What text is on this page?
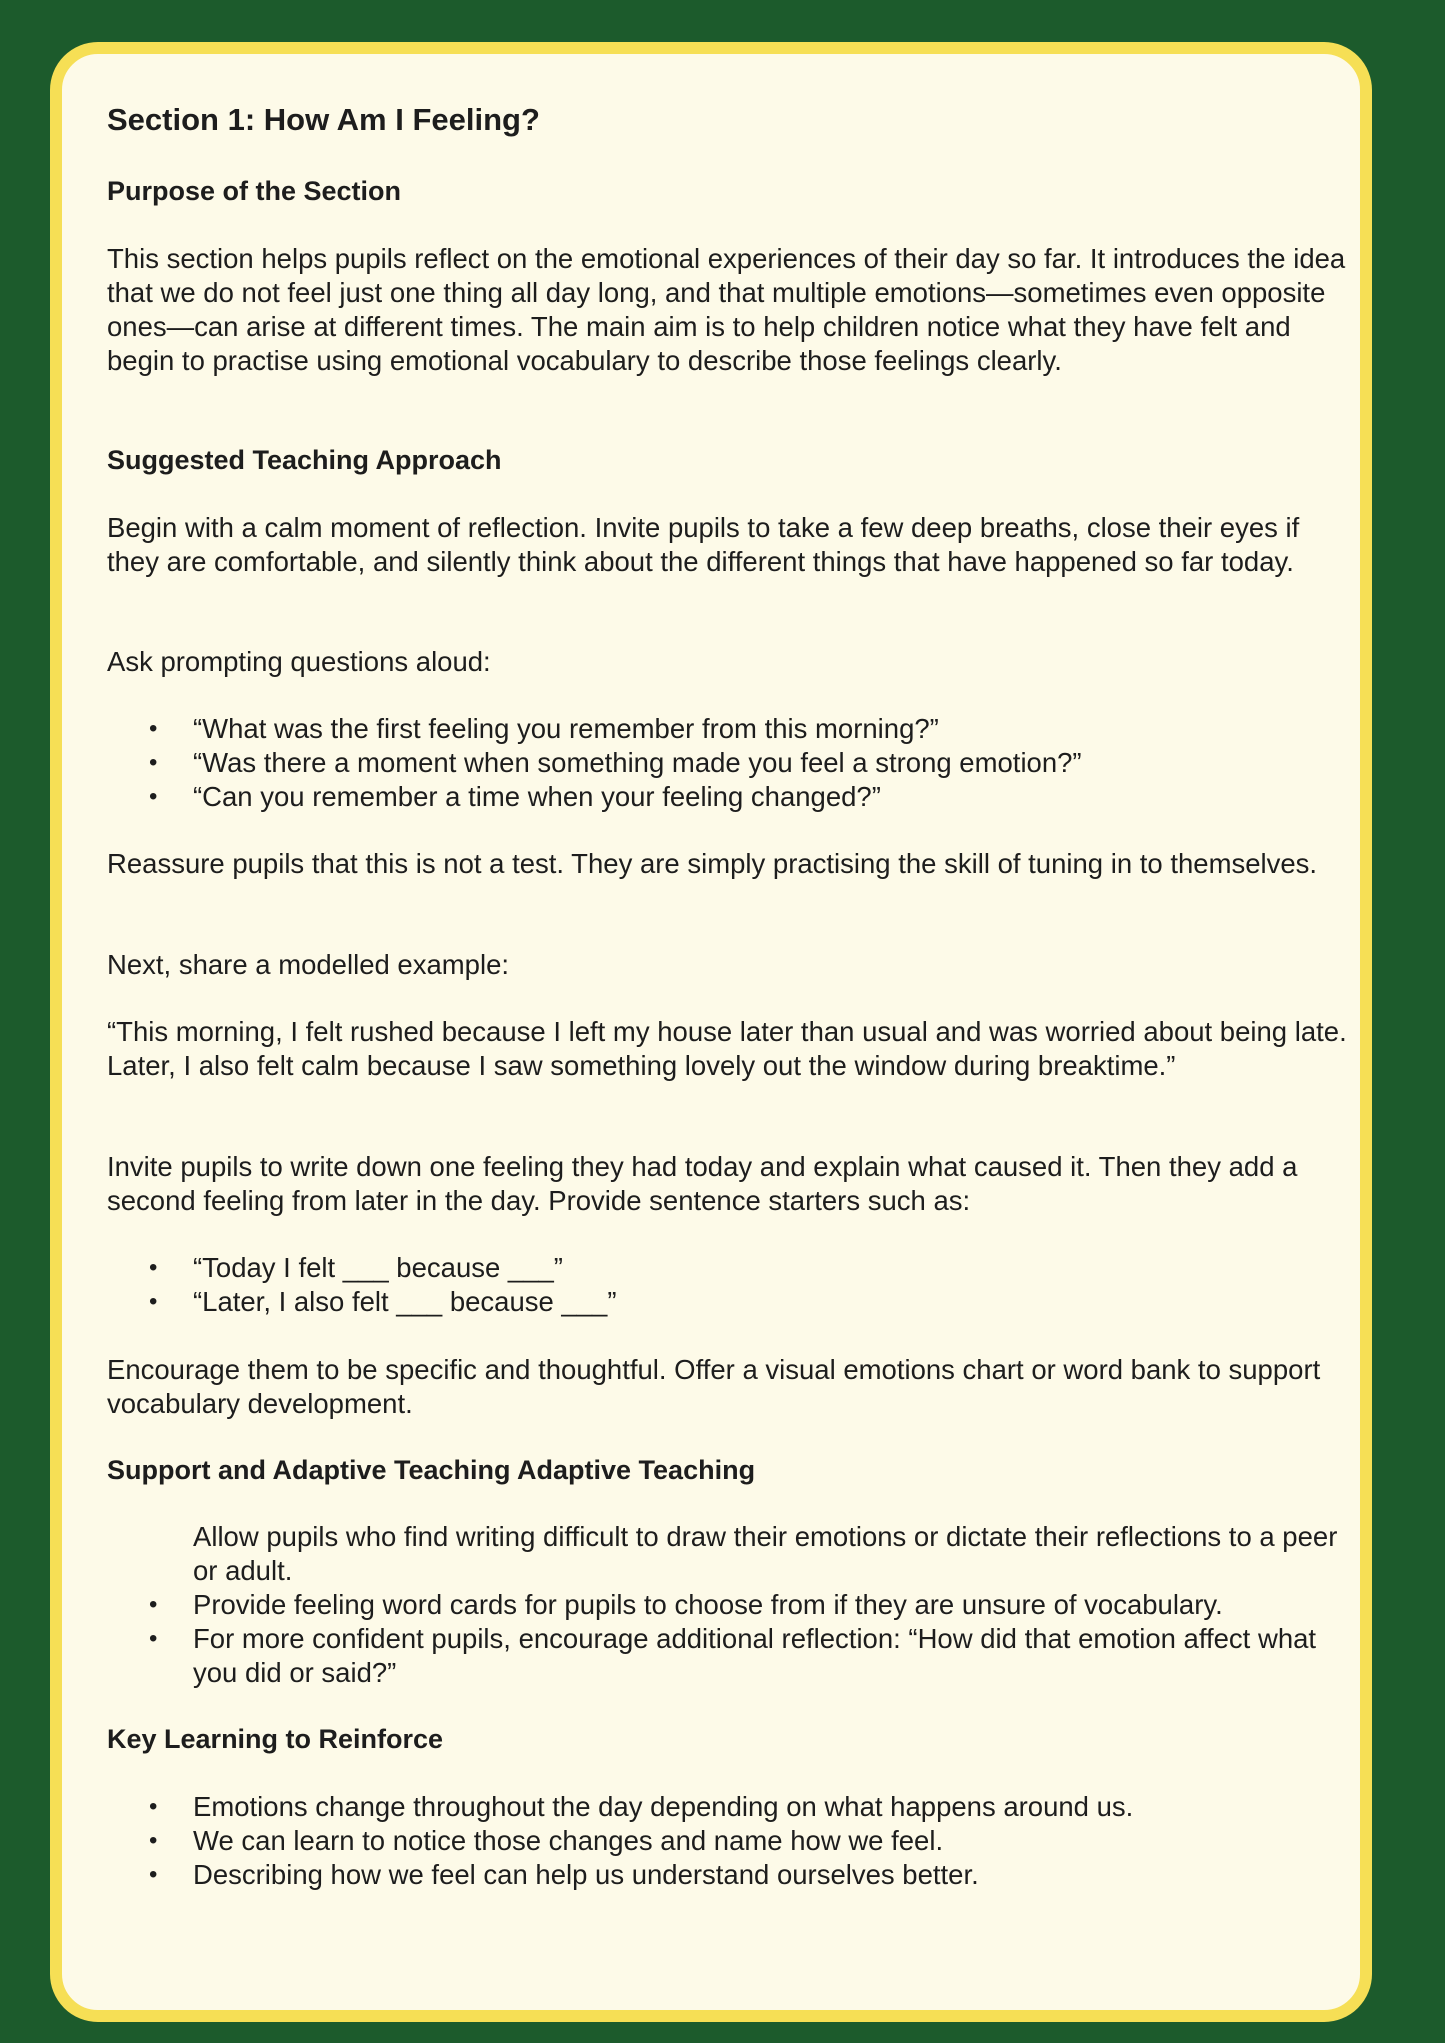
Section 1: How Am I Feeling?
Purpose of the Section

This section helps pupils reflect on the emotional experiences of their day so far. It introduces the idea that we do not feel just one thing all day long, and that multiple emotions—sometimes even opposite ones—can arise at different times. The main aim is to help children notice what they have felt and begin to practise using emotional vocabulary to describe those feelings clearly.

Suggested Teaching Approach

Begin with a calm moment of reflection. Invite pupils to take a few deep breaths, close their eyes if they are comfortable, and silently think about the different things that have happened so far today.

Ask prompting questions aloud:

• “What was the first feeling you remember from this morning?”
• “Was there a moment when something made you feel a strong emotion?”
• “Can you remember a time when your feeling changed?”

Reassure pupils that this is not a test. They are simply practising the skill of tuning in to themselves.

Next, share a modelled example:

“This morning, I felt rushed because I left my house later than usual and was worried about being late. Later, I also felt calm because I saw something lovely out the window during breaktime.”

Invite pupils to write down one feeling they had today and explain what caused it. Then they add a second feeling from later in the day. Provide sentence starters such as:

• “Today I felt ___ because ___”
• “Later, I also felt ___ because ___”

Encourage them to be specific and thoughtful. Offer a visual emotions chart or word bank to support vocabulary development.

Support and Adaptive Teaching Adaptive Teaching
Allow pupils who find writing difficult to draw their emotions or dictate their reflections to a peer or adult.
• Provide feeling word cards for pupils to choose from if they are unsure of vocabulary.
• For more confident pupils, encourage additional reflection: “How did that emotion affect what you did or said?”
Key Learning to Reinforce
• Emotions change throughout the day depending on what happens around us.
• We can learn to notice those changes and name how we feel.
• Describing how we feel can help us understand ourselves better.
